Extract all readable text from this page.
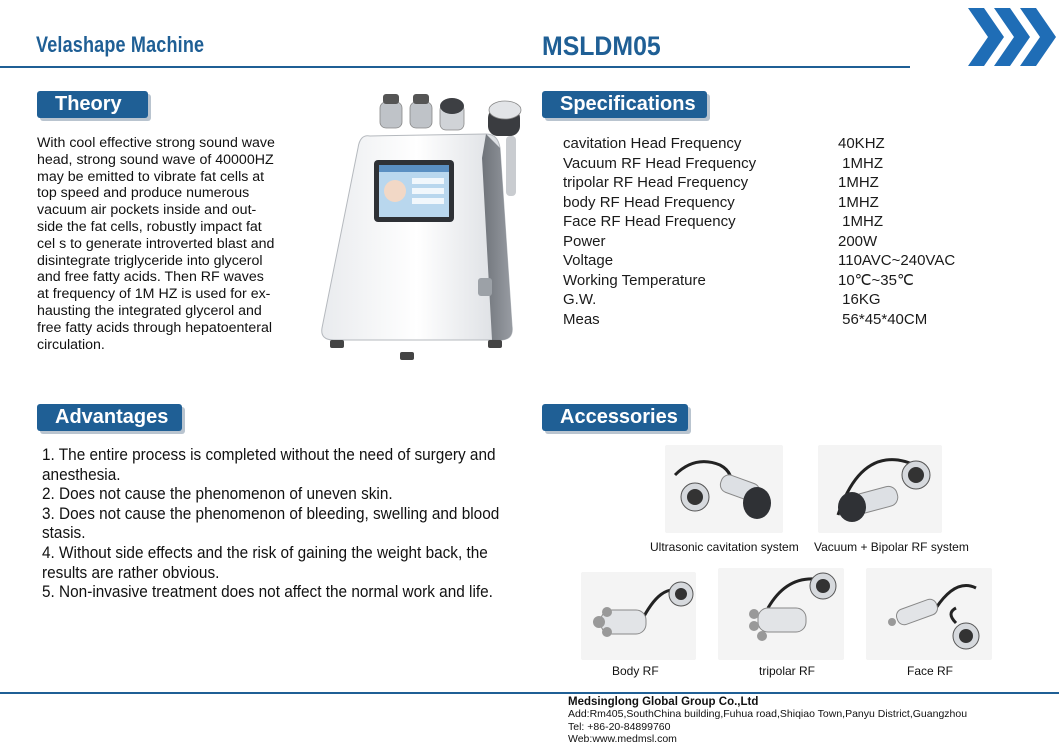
Velashape Machine	MSLDM05
Theory

With cool effective strong sound wave

head, strong sound wave of 40000HZ

may be emitted to vibrate fat cells at

top speed and produce numerous

vacuum air pockets inside and out-

side the fat cells, robustly impact fat

cel s to generate introverted blast and

disintegrate triglyceride into glycerol

and free fatty acids. Then RF waves

at frequency of 1M HZ is used for ex-

hausting the integrated glycerol and

free fatty acids through hepatoenteral

circulation.

Specifications
cavitation Head Frequency	40KHZ
Vacuum RF Head Frequency	1MHZ
tripolar RF Head Frequency	1MHZ
body RF Head Frequency	1MHZ
Face RF Head Frequency	1MHZ
Power	200W
Voltage	110AVC~240VAC
Working Temperature	10℃~35℃
G.W.	16KG
Meas	56*45*40CM
Advantages
1. The entire process is completed without the need of surgery and
anesthesia.
2. Does not cause the phenomenon of uneven skin.
3. Does not cause the phenomenon of bleeding, swelling and blood
stasis.
4. Without side effects and the risk of gaining the weight back, the
results are rather obvious.
5. Non-invasive treatment does not affect the normal work and life.
Accessories
Ultrasonic cavitation system Vacuum + Bipolar RF system
Body RF	tripolar RF	Face RF
Medsinglong Global Group Co.,Ltd
Add:Rm405,SouthChina building,Fuhua road,Shiqiao Town,Panyu District,Guangzhou
Tel: +86-20-84899760
Web:www.medmsl.com
